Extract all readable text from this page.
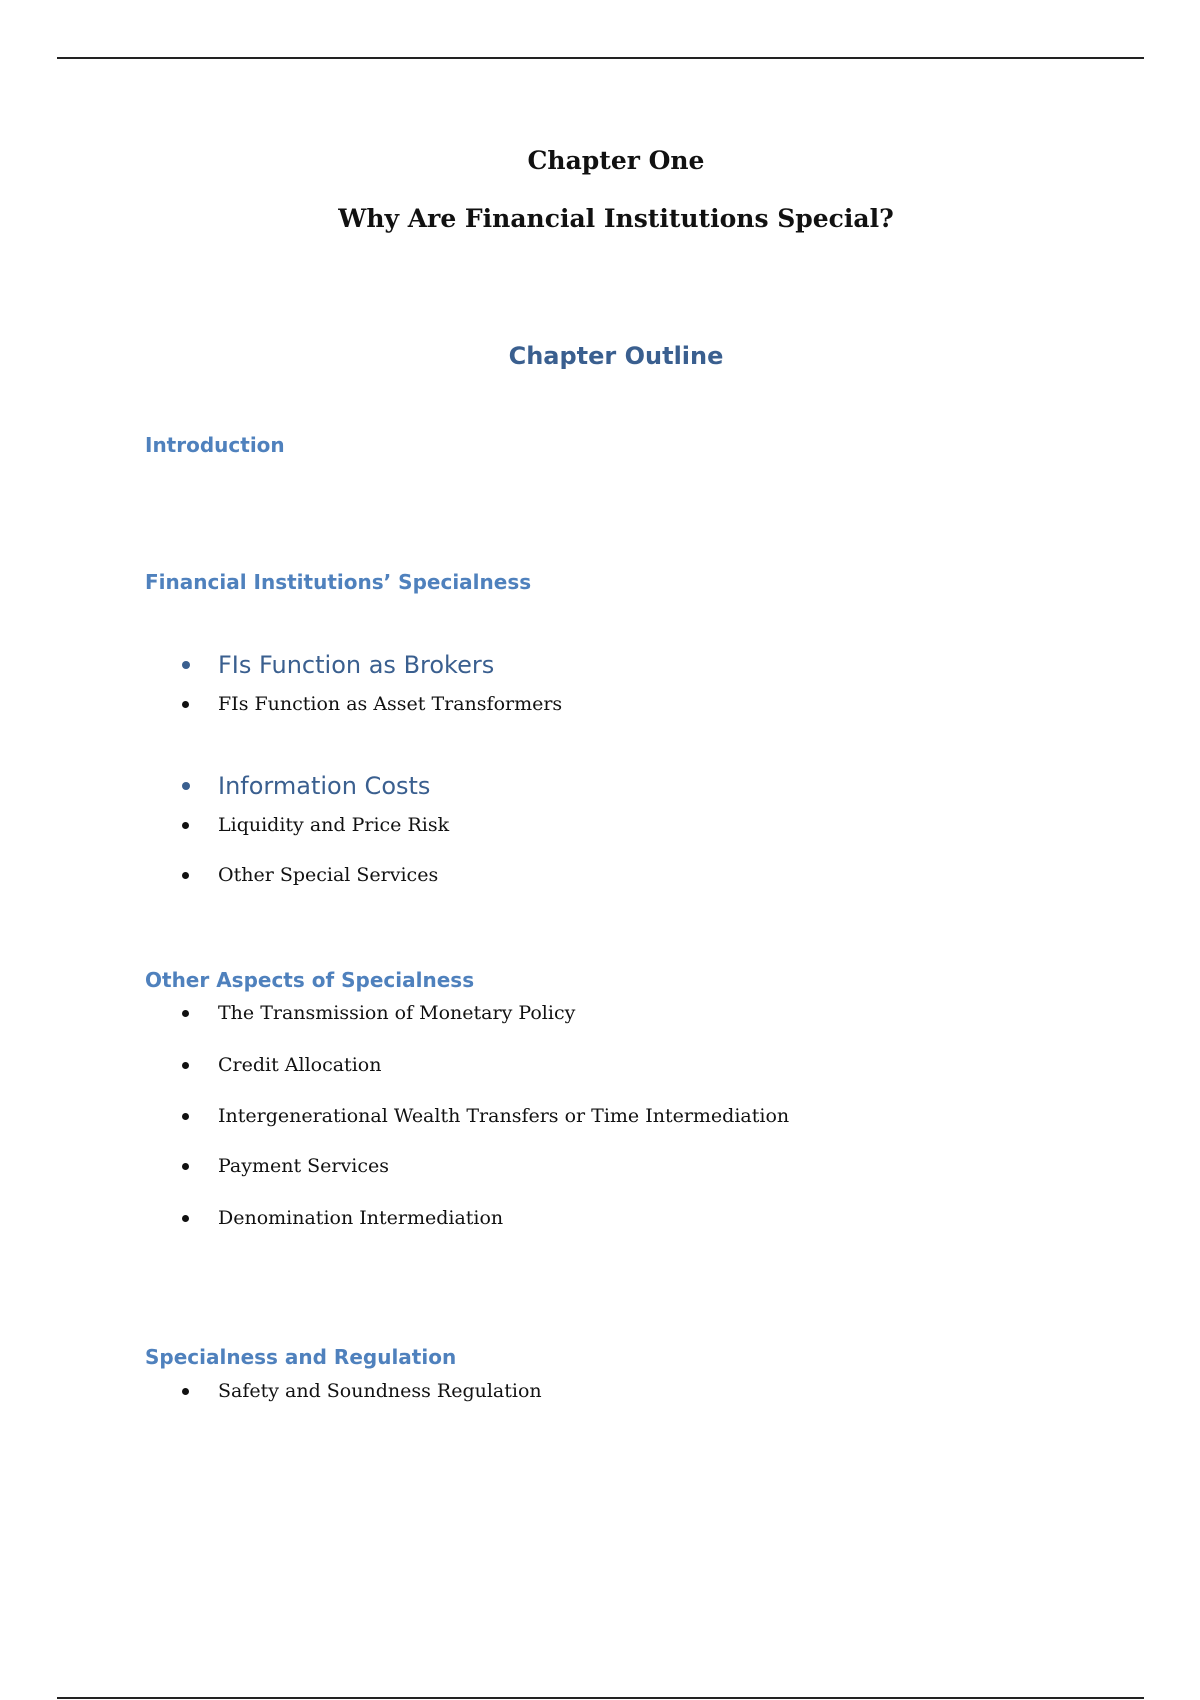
Chapter One
Why Are Financial Institutions Special?
Chapter Outline
Introduction
Financial Institutions’ Specialness
FIs Function as Brokers
FIs Function as Asset Transformers
Information Costs
Liquidity and Price Risk
Other Special Services
Other Aspects of Specialness
The Transmission of Monetary Policy
Credit Allocation
Intergenerational Wealth Transfers or Time Intermediation
Payment Services
Denomination Intermediation
Specialness and Regulation
Safety and Soundness Regulation
